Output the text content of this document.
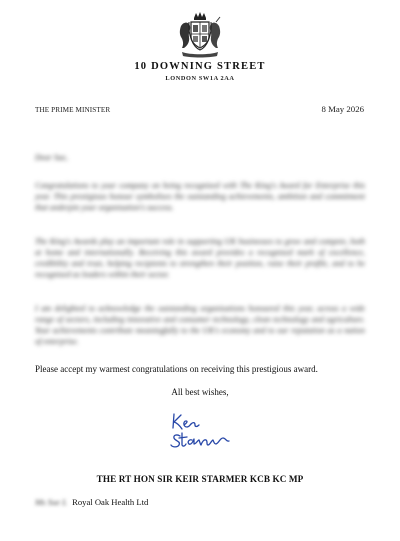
10 DOWNING STREET
LONDON SW1A 2AA
THE PRIME MINISTER	8 May 2026
Dear Sue,

Congratulations to your company on being recognised with The King's Award for Enterprise this year. This prestigious honour symbolises the outstanding achievements, ambition and commitment that underpin your organisation's success.

The King's Awards play an important role in supporting UK businesses to grow and compete, both at home and internationally. Receiving this award provides a recognised mark of excellence, credibility and trust, helping recipients to strengthen their position, raise their profile, and to be recognised as leaders within their sector.

I am delighted to acknowledge the outstanding organisations honoured this year, across a wide range of sectors, including innovative and consumer technology, clean technology and agriculture. Your achievements contribute meaningfully to the UK's economy and to our reputation as a nation of enterprise.

Please accept my warmest congratulations on receiving this prestigious award.
All best wishes,
THE RT HON SIR KEIR STARMER KCB KC MP
Ms Sue L Royal Oak Health Ltd
